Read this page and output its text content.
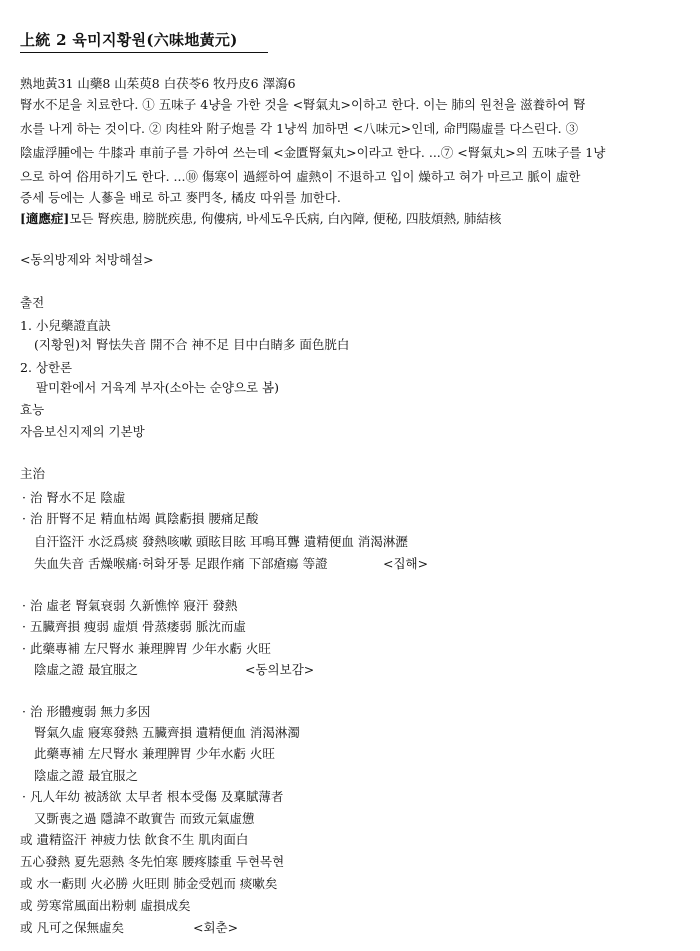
上統 2 육미지황원(六味地黃元)
熟地黃31 山藥8 山茱萸8 白茯苓6 牧丹皮6 澤瀉6
腎水不足을 치료한다. ① 五味子 4냥을 가한 것을 <腎氣丸>이하고 한다. 이는 肺의 원천을 滋養하여 腎
水를 나게 하는 것이다. ② 肉桂와 附子炮를 각 1냥씩 加하면 <八味元>인데, 命門陽虛를 다스린다. ③
陰虛浮腫에는 牛膝과 車前子를 가하여 쓰는데 <金匱腎氣丸>이라고 한다. ...⑦ <腎氣丸>의 五味子를 1냥
으로 하여 俗用하기도 한다. ...⑩ 傷寒이 過經하여 虛熱이 不退하고 입이 燥하고 혀가 마르고 脈이 虛한
증세 등에는 人蔘을 배로 하고 麥門冬, 橘皮 따위를 加한다.
[適應症]모든 腎疾患, 膀胱疾患, 佝僂病, 바세도우氏病, 白內障, 便秘, 四肢煩熱, 肺結核
<동의방제와 처방해설>
출전
1. 小兒藥證直訣
(지황원)처 腎怯失音 開不合 神不足 目中白睛多 面色胱白
2. 상한론
팔미환에서 거육계 부자(소아는 순양으로 봄)
효능
자음보신지제의 기본방
主治
· 治 腎水不足 陰虛
· 治 肝腎不足 精血枯竭 眞陰虧損 腰痛足酸
自汗盜汗 水泛爲痰 發熱咳嗽 頭眩目眩 耳鳴耳聾 遺精便血 消渴淋瀝
失血失音 舌燥喉痛·허화牙통 足跟作痛 下部瘡瘍 等證	<집해>
· 治 虛老 腎氣衰弱 久新憔悴 寢汗 發熱
· 五臟齊損 瘦弱 虛煩 骨蒸痿弱 脈沈而虛
· 此藥專補 左尺腎水 兼理脾胃 少年水虧 火旺
陰虛之證 最宜服之	<동의보감>
· 治 形體痩弱 無力多因
腎氣久虛 寢寒發熱 五臟齊損 遺精便血 消渴淋濁
此藥專補 左尺腎水 兼理脾胃 少年水虧 火旺
陰虛之證 最宜服之
· 凡人年幼 被誘欲 太早者 根本受傷 及稟賦薄者
又斲喪之過 隱諱不敢實告 而致元氣虛憊
或 遺精盜汗 神疲力怯 飮食不生 肌肉面白
五心發熱 夏先惡熱 冬先怕寒 腰疼膝重 두현목현
或 水一虧則 火必勝 火旺則 肺金受剋而 痰嗽矣
或 勞寒常風面出粉刺 虛損成矣
或 凡可之保無虛矣	<회춘>
